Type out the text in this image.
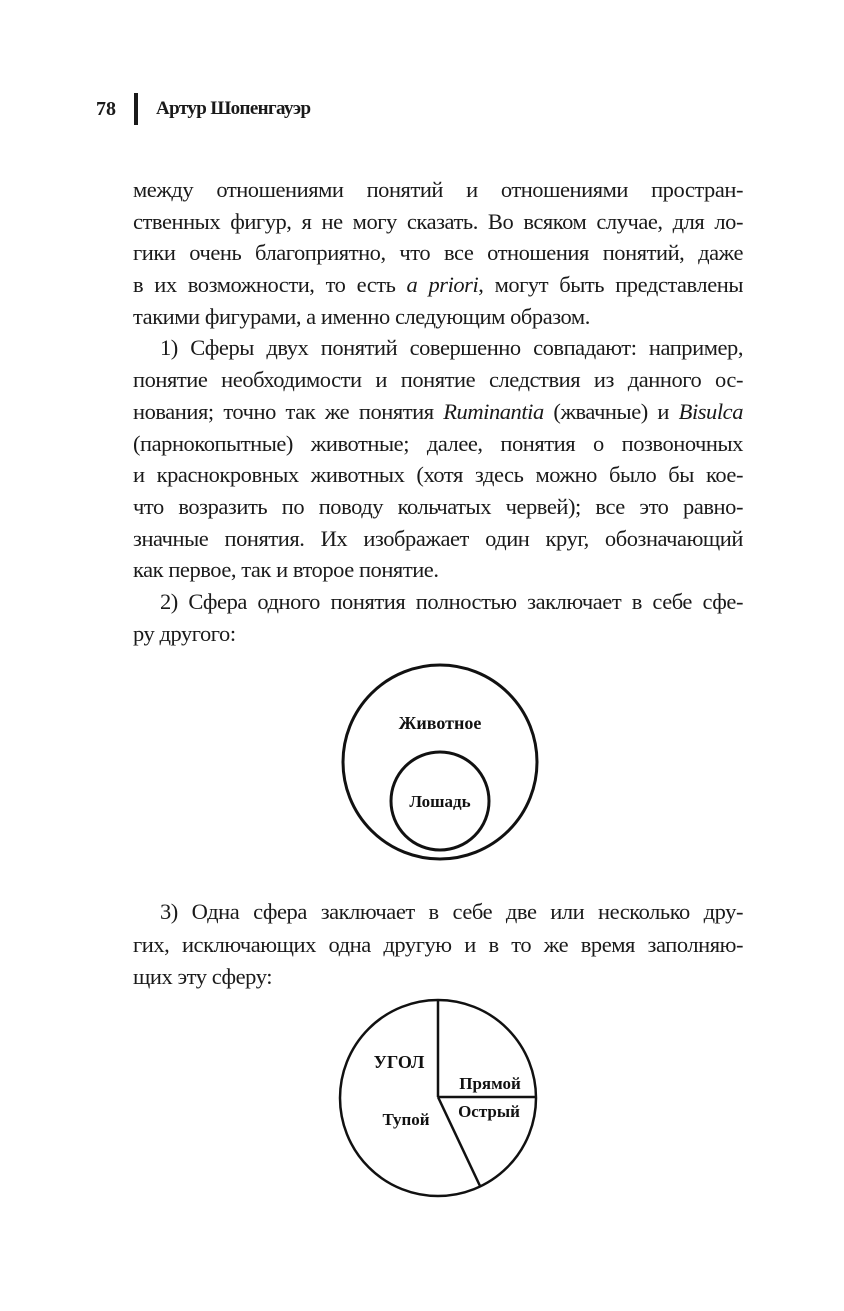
78 Артур Шопенгауэр
между отношениями понятий и отношениями простран-
ственных фигур, я не могу сказать. Во всяком случае, для ло-
гики очень благоприятно, что все отношения понятий, даже
в их возможности, то есть a priori, могут быть представлены
такими фигурами, а именно следующим образом.
1) Сферы двух понятий совершенно совпадают: например,
понятие необходимости и понятие следствия из данного ос-
нования; точно так же понятия Ruminantia (жвачные) и Bisulca
(парнокопытные) животные; далее, понятия о позвоночных
и краснокровных животных (хотя здесь можно было бы кое-
что возразить по поводу кольчатых червей); все это равно-
значные понятия. Их изображает один круг, обозначающий
как первое, так и второе понятие.
2) Сфера одного понятия полностью заключает в себе сфе-
ру другого:
3) Одна сфера заключает в себе две или несколько дру-
гих, исключающих одна другую и в то же время заполняю-
щих эту сферу:
Животное
Лошадь
УГОЛ
Прямой
Острый
Тупой
